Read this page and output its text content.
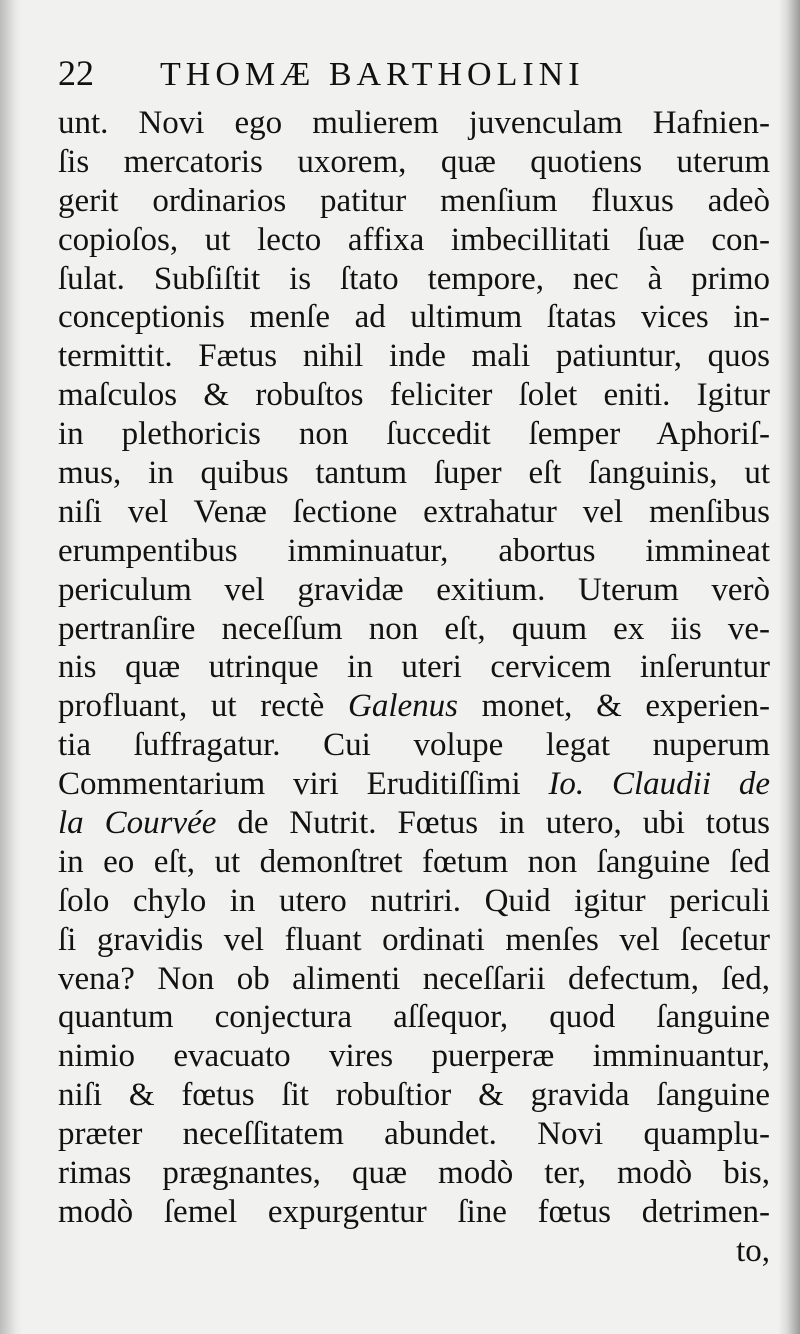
22 THOMÆ BARTHOLINI
unt. Novi ego mulierem juvenculam Hafnien-
ſis mercatoris uxorem, quæ quotiens uterum
gerit ordinarios patitur menſium fluxus adeò
copioſos, ut lecto affixa imbecillitati ſuæ con-
ſulat. Subſiſtit is ſtato tempore, nec à primo
conceptionis menſe ad ultimum ſtatas vices in-
termittit. Fætus nihil inde mali patiuntur, quos
maſculos & robuſtos feliciter ſolet eniti. Igitur
in plethoricis non ſuccedit ſemper Aphoriſ-
mus, in quibus tantum ſuper eſt ſanguinis, ut
niſi vel Venæ ſectione extrahatur vel menſibus
erumpentibus imminuatur, abortus immineat
periculum vel gravidæ exitium. Uterum verò
pertranſire neceſſum non eſt, quum ex iis ve-
nis quæ utrinque in uteri cervicem inſeruntur
profluant, ut rectè Galenus monet, & experien-
tia ſuffragatur. Cui volupe legat nuperum
Commentarium viri Eruditiſſimi Io. Claudii de
la Courvée de Nutrit. Fœtus in utero, ubi totus
in eo eſt, ut demonſtret fœtum non ſanguine ſed
ſolo chylo in utero nutriri. Quid igitur periculi
ſi gravidis vel fluant ordinati menſes vel ſecetur
vena? Non ob alimenti neceſſarii defectum, ſed,
quantum conjectura aſſequor, quod ſanguine
nimio evacuato vires puerperæ imminuantur,
niſi & fœtus ſit robuſtior & gravida ſanguine
præter neceſſitatem abundet. Novi quamplu-
rimas prægnantes, quæ modò ter, modò bis,
modò ſemel expurgentur ſine fœtus detrimen-
to,
